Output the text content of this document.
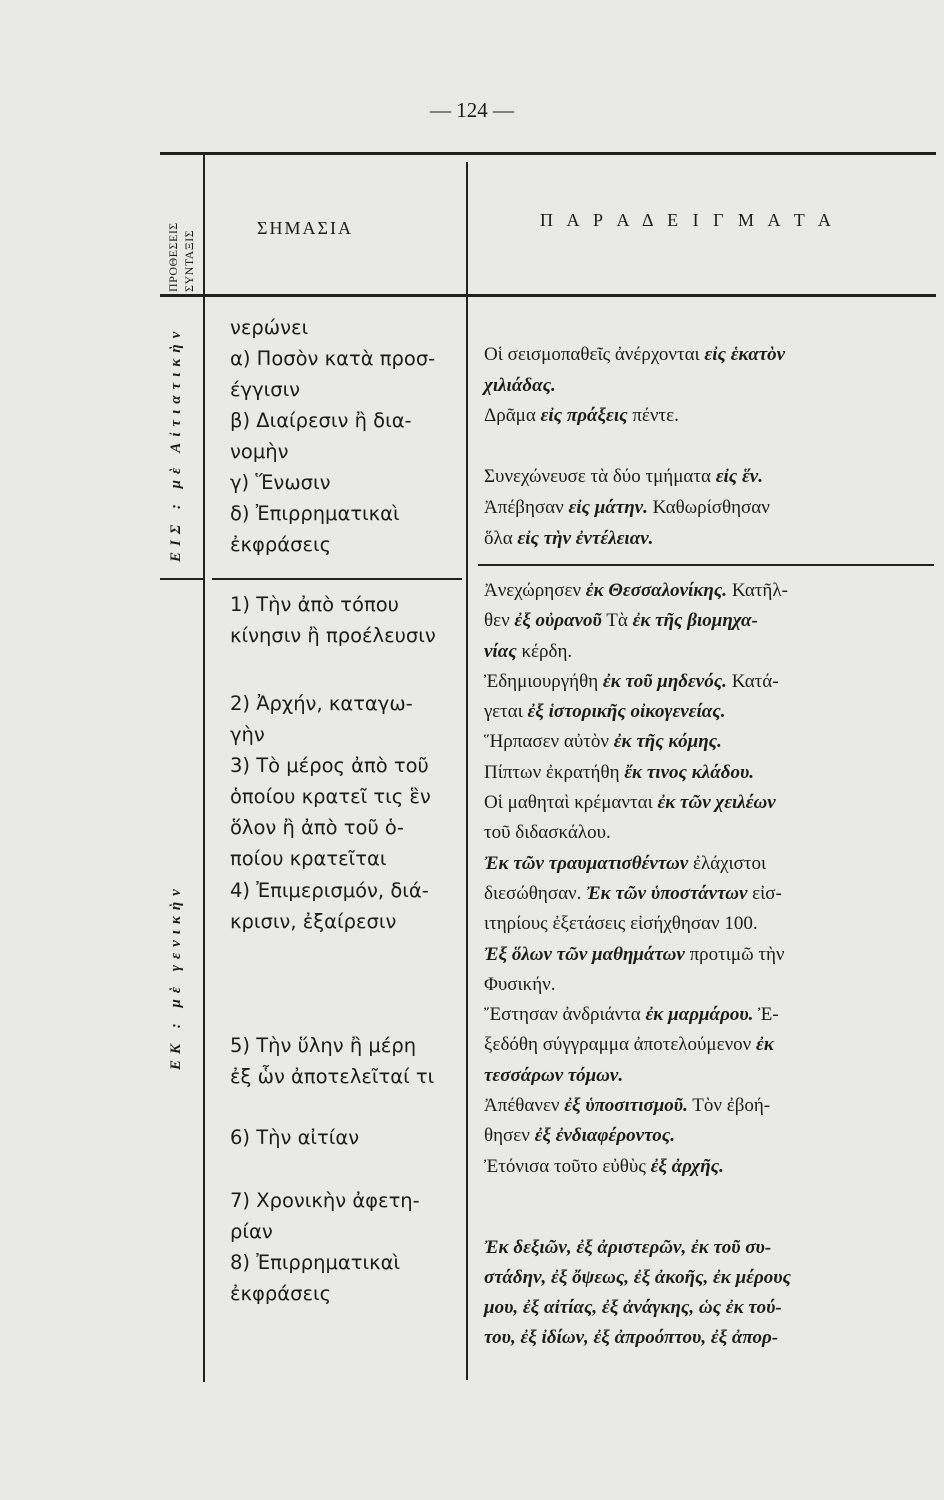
— 124 —
ΠΡΟΘΕΣΕΙΣ ΣΥΝΤΑΞΙΣ
ΣΗΜΑΣΙΑ	Π Α Ρ Α Δ Ε Ι Γ Μ Α Τ Α
ΕΙΣ : μὲ Αἰτιατικὴν
ΕΚ : μὲ γενικὴν
νερώνει
α) Ποσὸν κατὰ προσ-
έγγισιν
β) Διαίρεσιν ἢ δια-
νομὴν
γ) Ἕνωσιν
δ) Ἐπιρρηματικαὶ
ἐκφράσεις
Οἱ σεισμοπαθεῖς ἀνέρχονται εἰς ἑκατὸν
χιλιάδας.
Δρᾶμα εἰς πράξεις πέντε.

Συνεχώνευσε τὰ δύο τμήματα εἰς ἕν.
Ἀπέβησαν εἰς μάτην. Καθωρίσθησαν
ὅλα εἰς τὴν ἐντέλειαν.
1) Τὴν ἀπὸ τόπου
κίνησιν ἢ προέλευσιν
2) Ἀρχήν, καταγω-
γὴν
3) Τὸ μέρος ἀπὸ τοῦ
ὁποίου κρατεῖ τις ἓν
ὅλον ἢ ἀπὸ τοῦ ὁ-
ποίου κρατεῖται
4) Ἐπιμερισμόν, διά-
κρισιν, ἐξαίρεσιν
5) Τὴν ὕλην ἢ μέρη
ἐξ ὧν ἀποτελεῖταί τι
6) Τὴν αἰτίαν
7) Χρονικὴν ἀφετη-
ρίαν
8) Ἐπιρρηματικαὶ
ἐκφράσεις
Ἀνεχώρησεν ἐκ Θεσσαλονίκης. Κατῆλ-
θεν ἐξ οὐρανοῦ Τὰ ἐκ τῆς βιομηχα-
νίας κέρδη.
Ἐδημιουργήθη ἐκ τοῦ μηδενός. Κατά-
γεται ἐξ ἱστορικῆς οἰκογενείας.
Ἥρπασεν αὐτὸν ἐκ τῆς κόμης.
Πίπτων ἐκρατήθη ἔκ τινος κλάδου.
Οἱ μαθηταὶ κρέμανται ἐκ τῶν χειλέων
τοῦ διδασκάλου.
Ἐκ τῶν τραυματισθέντων ἐλάχιστοι
διεσώθησαν. Ἐκ τῶν ὑποστάντων εἰσ-
ιτηρίους ἐξετάσεις εἰσήχθησαν 100.
Ἐξ ὅλων τῶν μαθημάτων προτιμῶ τὴν
Φυσικήν.
Ἔστησαν ἀνδριάντα ἐκ μαρμάρου. Ἐ-
ξεδόθη σύγγραμμα ἀποτελούμενον ἐκ
τεσσάρων τόμων.
Ἀπέθανεν ἐξ ὑποσιτισμοῦ. Τὸν ἐβοή-
θησεν ἐξ ἐνδιαφέροντος.
Ἐτόνισα τοῦτο εὐθὺς ἐξ ἀρχῆς.
Ἐκ δεξιῶν, ἐξ ἀριστερῶν, ἐκ τοῦ συ-
στάδην, ἐξ ὄψεως, ἐξ ἀκοῆς, ἐκ μέρους
μου, ἐξ αἰτίας, ἐξ ἀνάγκης, ὡς ἐκ τού-
του, ἐξ ἰδίων, ἐξ ἀπροόπτου, ἐξ ἀπορ-
